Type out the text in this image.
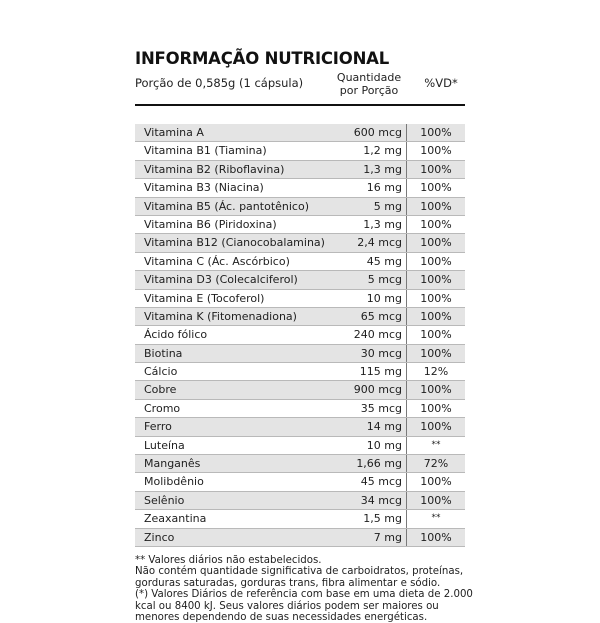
INFORMAÇÃO NUTRICIONAL
Porção de 0,585g (1 cápsula)	Quantidade
por Porção
%VD*
Vitamina A	600 mcg	100%
Vitamina B1 (Tiamina)	1,2 mg	100%
Vitamina B2 (Riboflavina)	1,3 mg	100%
Vitamina B3 (Niacina)	16 mg	100%
Vitamina B5 (Ác. pantotênico)	5 mg	100%
Vitamina B6 (Piridoxina)	1,3 mg	100%
Vitamina B12 (Cianocobalamina)	2,4 mcg	100%
Vitamina C (Ác. Ascórbico)	45 mg	100%
Vitamina D3 (Colecalciferol)	5 mcg	100%
Vitamina E (Tocoferol)	10 mg	100%
Vitamina K (Fitomenadiona)	65 mcg	100%
Ácido fólico	240 mcg	100%
Biotina	30 mcg	100%
Cálcio	115 mg	12%
Cobre	900 mcg	100%
Cromo	35 mcg	100%
Ferro	14 mg	100%
Luteína	10 mg	**
Manganês	1,66 mg	72%
Molibdênio	45 mcg	100%
Selênio	34 mcg	100%
Zeaxantina	1,5 mg	**
Zinco	7 mg	100%
** Valores diários não estabelecidos.
Não contém quantidade significativa de carboidratos, proteínas,
gorduras saturadas, gorduras trans, fibra alimentar e sódio.
(*) Valores Diários de referência com base em uma dieta de 2.000
kcal ou 8400 kJ. Seus valores diários podem ser maiores ou
menores dependendo de suas necessidades energéticas.
